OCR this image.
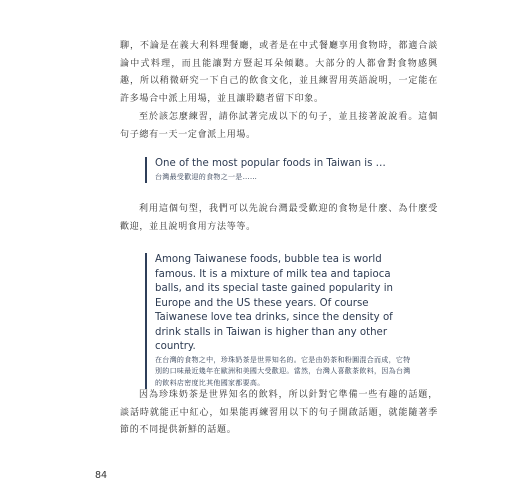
聊，不論是在義大利料理餐廳，或者是在中式餐廳享用食物時，都適合談論中式料理，而且能讓對方豎起耳朵傾聽。大部分的人都會對食物感興趣，所以稍微研究一下自己的飲食文化，並且練習用英語說明，一定能在許多場合中派上用場，並且讓聆聽者留下印象。

至於該怎麼練習，請你試著完成以下的句子，並且接著說說看。這個句子總有一天一定會派上用場。

One of the most popular foods in Taiwan is …

台灣最受歡迎的食物之一是……

利用這個句型，我們可以先說台灣最受歡迎的食物是什麼、為什麼受歡迎，並且說明食用方法等等。

Among Taiwanese foods, bubble tea is world famous. It is a mixture of milk tea and tapioca balls, and its special taste gained popularity in Europe and the US these years. Of course Taiwanese love tea drinks, since the density of drink stalls in Taiwan is higher than any other country.

在台灣的食物之中，珍珠奶茶是世界知名的。它是由奶茶和粉圓混合而成，它特別的口味最近幾年在歐洲和美國大受歡迎。當然，台灣人喜歡茶飲料，因為台灣的飲料店密度比其他國家都要高。

因為珍珠奶茶是世界知名的飲料，所以針對它準備一些有趣的話題，談話時就能正中紅心，如果能再練習用以下的句子開啟話題，就能隨著季節的不同提供新鮮的話題。

84
